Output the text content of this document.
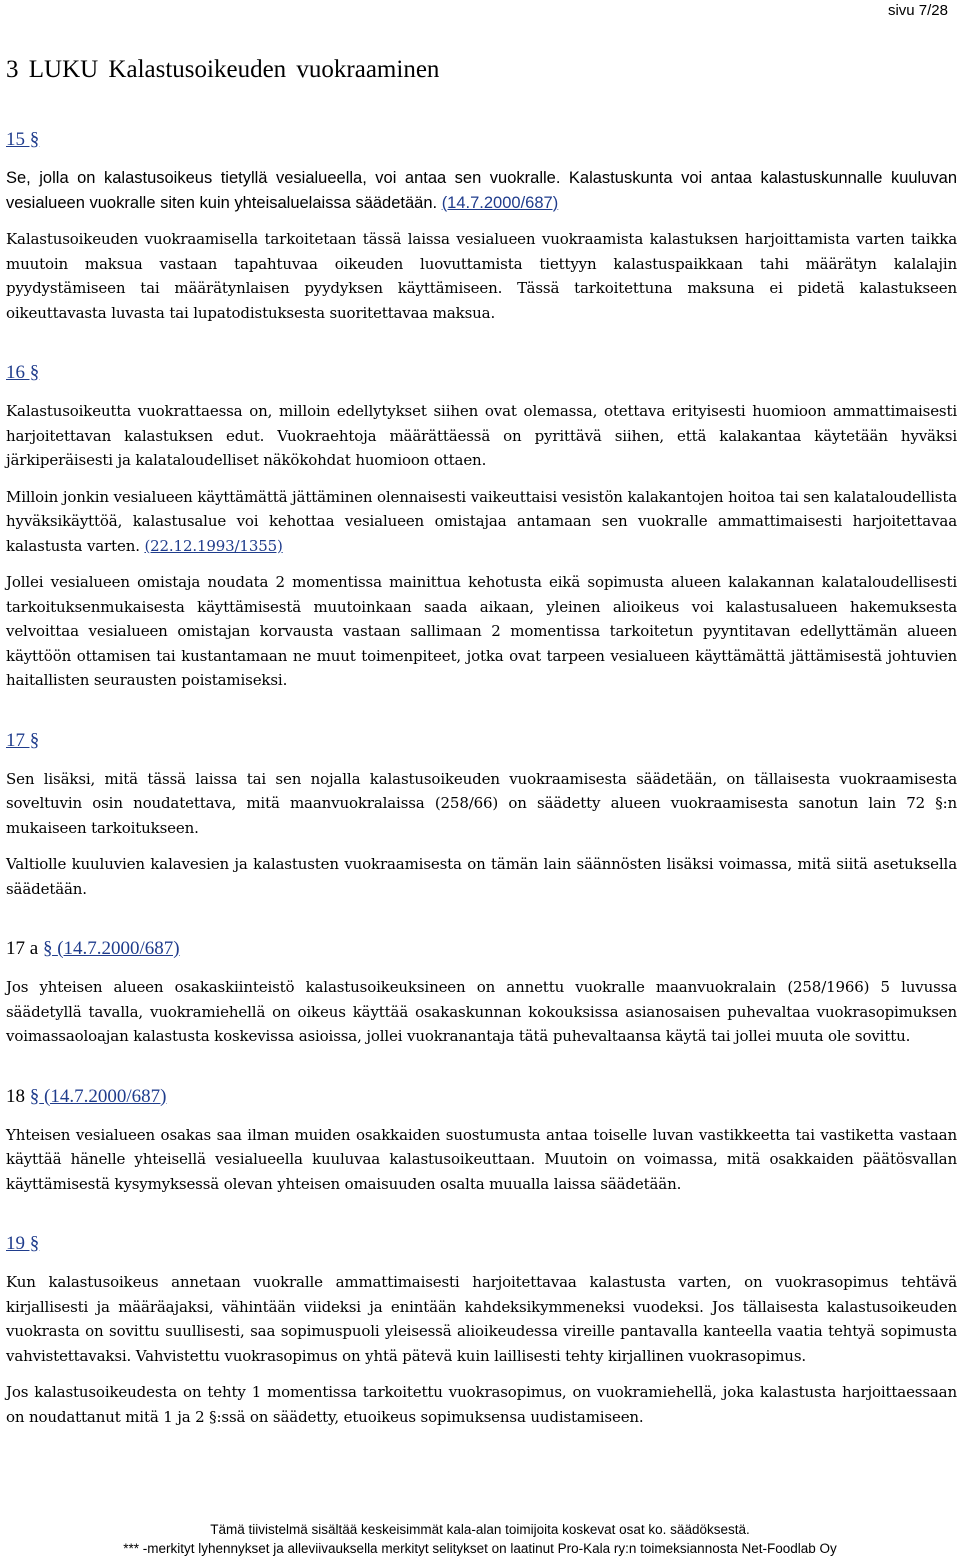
sivu 7/28
3 LUKU Kalastusoikeuden vuokraaminen
15 §

Se, jolla on kalastusoikeus tietyllä vesialueella, voi antaa sen vuokralle. Kalastuskunta voi antaa kalastuskunnalle kuuluvan vesialueen vuokralle siten kuin yhteisaluelaissa säädetään. (14.7.2000/687)

Kalastusoikeuden vuokraamisella tarkoitetaan tässä laissa vesialueen vuokraamista kalastuksen harjoittamista varten taikka muutoin maksua vastaan tapahtuvaa oikeuden luovuttamista tiettyyn kalastuspaikkaan tahi määrätyn kalalajin pyydystämiseen tai määrätynlaisen pyydyksen käyttämiseen. Tässä tarkoitettuna maksuna ei pidetä kalastukseen oikeuttavasta luvasta tai lupatodistuksesta suoritettavaa maksua.

16 §

Kalastusoikeutta vuokrattaessa on, milloin edellytykset siihen ovat olemassa, otettava erityisesti huomioon ammattimaisesti harjoitettavan kalastuksen edut. Vuokraehtoja määrättäessä on pyrittävä siihen, että kalakantaa käytetään hyväksi järkiperäisesti ja kalataloudelliset näkökohdat huomioon ottaen.

Milloin jonkin vesialueen käyttämättä jättäminen olennaisesti vaikeuttaisi vesistön kalakantojen hoitoa tai sen kalataloudellista hyväksikäyttöä, kalastusalue voi kehottaa vesialueen omistajaa antamaan sen vuokralle ammattimaisesti harjoitettavaa kalastusta varten. (22.12.1993/1355)

Jollei vesialueen omistaja noudata 2 momentissa mainittua kehotusta eikä sopimusta alueen kalakannan kalataloudellisesti tarkoituksenmukaisesta käyttämisestä muutoinkaan saada aikaan, yleinen alioikeus voi kalastusalueen hakemuksesta velvoittaa vesialueen omistajan korvausta vastaan sallimaan 2 momentissa tarkoitetun pyyntitavan edellyttämän alueen käyttöön ottamisen tai kustantamaan ne muut toimenpiteet, jotka ovat tarpeen vesialueen käyttämättä jättämisestä johtuvien haitallisten seurausten poistamiseksi.

17 §

Sen lisäksi, mitä tässä laissa tai sen nojalla kalastusoikeuden vuokraamisesta säädetään, on tällaisesta vuokraamisesta soveltuvin osin noudatettava, mitä maanvuokralaissa (258/66) on säädetty alueen vuokraamisesta sanotun lain 72 §:n mukaiseen tarkoitukseen.

Valtiolle kuuluvien kalavesien ja kalastusten vuokraamisesta on tämän lain säännösten lisäksi voimassa, mitä siitä asetuksella säädetään.

17 a § (14.7.2000/687)

Jos yhteisen alueen osakaskiinteistö kalastusoikeuksineen on annettu vuokralle maanvuokralain (258/1966) 5 luvussa säädetyllä tavalla, vuokramiehellä on oikeus käyttää osakaskunnan kokouksissa asianosaisen puhevaltaa vuokrasopimuksen voimassaoloajan kalastusta koskevissa asioissa, jollei vuokranantaja tätä puhevaltaansa käytä tai jollei muuta ole sovittu.

18 § (14.7.2000/687)

Yhteisen vesialueen osakas saa ilman muiden osakkaiden suostumusta antaa toiselle luvan vastikkeetta tai vastiketta vastaan käyttää hänelle yhteisellä vesialueella kuuluvaa kalastusoikeuttaan. Muutoin on voimassa, mitä osakkaiden päätösvallan käyttämisestä kysymyksessä olevan yhteisen omaisuuden osalta muualla laissa säädetään.

19 §

Kun kalastusoikeus annetaan vuokralle ammattimaisesti harjoitettavaa kalastusta varten, on vuokrasopimus tehtävä kirjallisesti ja määräajaksi, vähintään viideksi ja enintään kahdeksikymmeneksi vuodeksi. Jos tällaisesta kalastusoikeuden vuokrasta on sovittu suullisesti, saa sopimuspuoli yleisessä alioikeudessa vireille pantavalla kanteella vaatia tehtyä sopimusta vahvistettavaksi. Vahvistettu vuokrasopimus on yhtä pätevä kuin laillisesti tehty kirjallinen vuokrasopimus.

Jos kalastusoikeudesta on tehty 1 momentissa tarkoitettu vuokrasopimus, on vuokramiehellä, joka kalastusta harjoittaessaan on noudattanut mitä 1 ja 2 §:ssä on säädetty, etuoikeus sopimuksensa uudistamiseen.

Tämä tiivistelmä sisältää keskeisimmät kala-alan toimijoita koskevat osat ko. säädöksestä.
*** -merkityt lyhennykset ja alleviivauksella merkityt selitykset on laatinut Pro-Kala ry:n toimeksiannosta Net-Foodlab Oy
